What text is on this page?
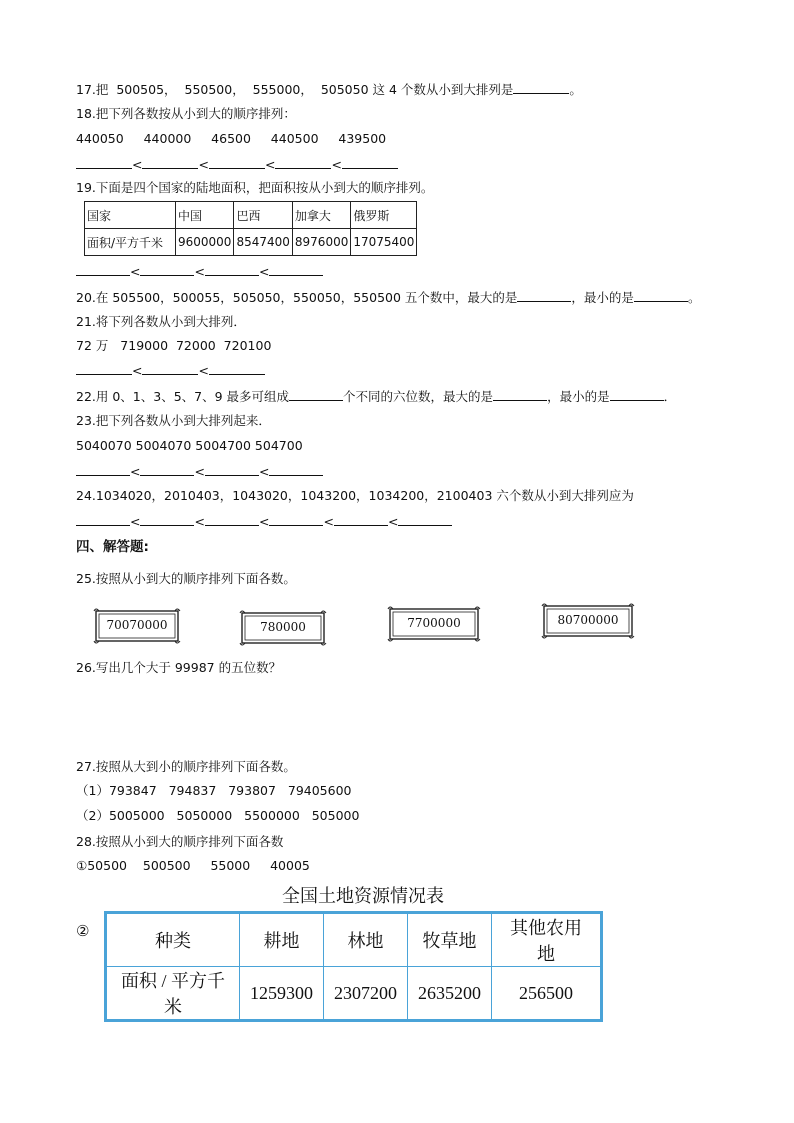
17.把  500505，  550500，  555000，  505050 这 4 个数从小到大排列是	。
18.把下列各数按从小到大的顺序排列：
440050     440000     46500     440500     439500
<	<	<	<
19.下面是四个国家的陆地面积，把面积按从小到大的顺序排列。
国家	中国	巴西	加拿大	俄罗斯
面积/平方千米	9600000	8547400	8976000	17075400
<	<	<
20.在 505500，500055，505050，550050，550500 五个数中，最大的是	，最小的是	。
21.将下列各数从小到大排列．
72 万   719000  72000  720100
<	<
22.用 0、1、3、5、7、9 最多可组成	个不同的六位数，最大的是	，最小的是	．
23.把下列各数从小到大排列起来．
5040070 5004070 5004700 504700
<	<	<
24.1034020，2010403，1043020，1043200，1034200，2100403 六个数从小到大排列应为
<	<	<	<	<
四、解答题:
25.按照从小到大的顺序排列下面各数。
70070000	780000	7700000	80700000
26.写出几个大于 99987 的五位数？
27.按照从大到小的顺序排列下面各数。
（1）793847   794837   793807   79405600
（2）5005000   5050000   5500000   505000
28.按照从小到大的顺序排列下面各数
①50500    500500     55000     40005
全国土地资源情况表
②	种类	耕地	林地	牧草地	其他农用地
面积 / 平方千米	1259300	2307200	2635200	256500
